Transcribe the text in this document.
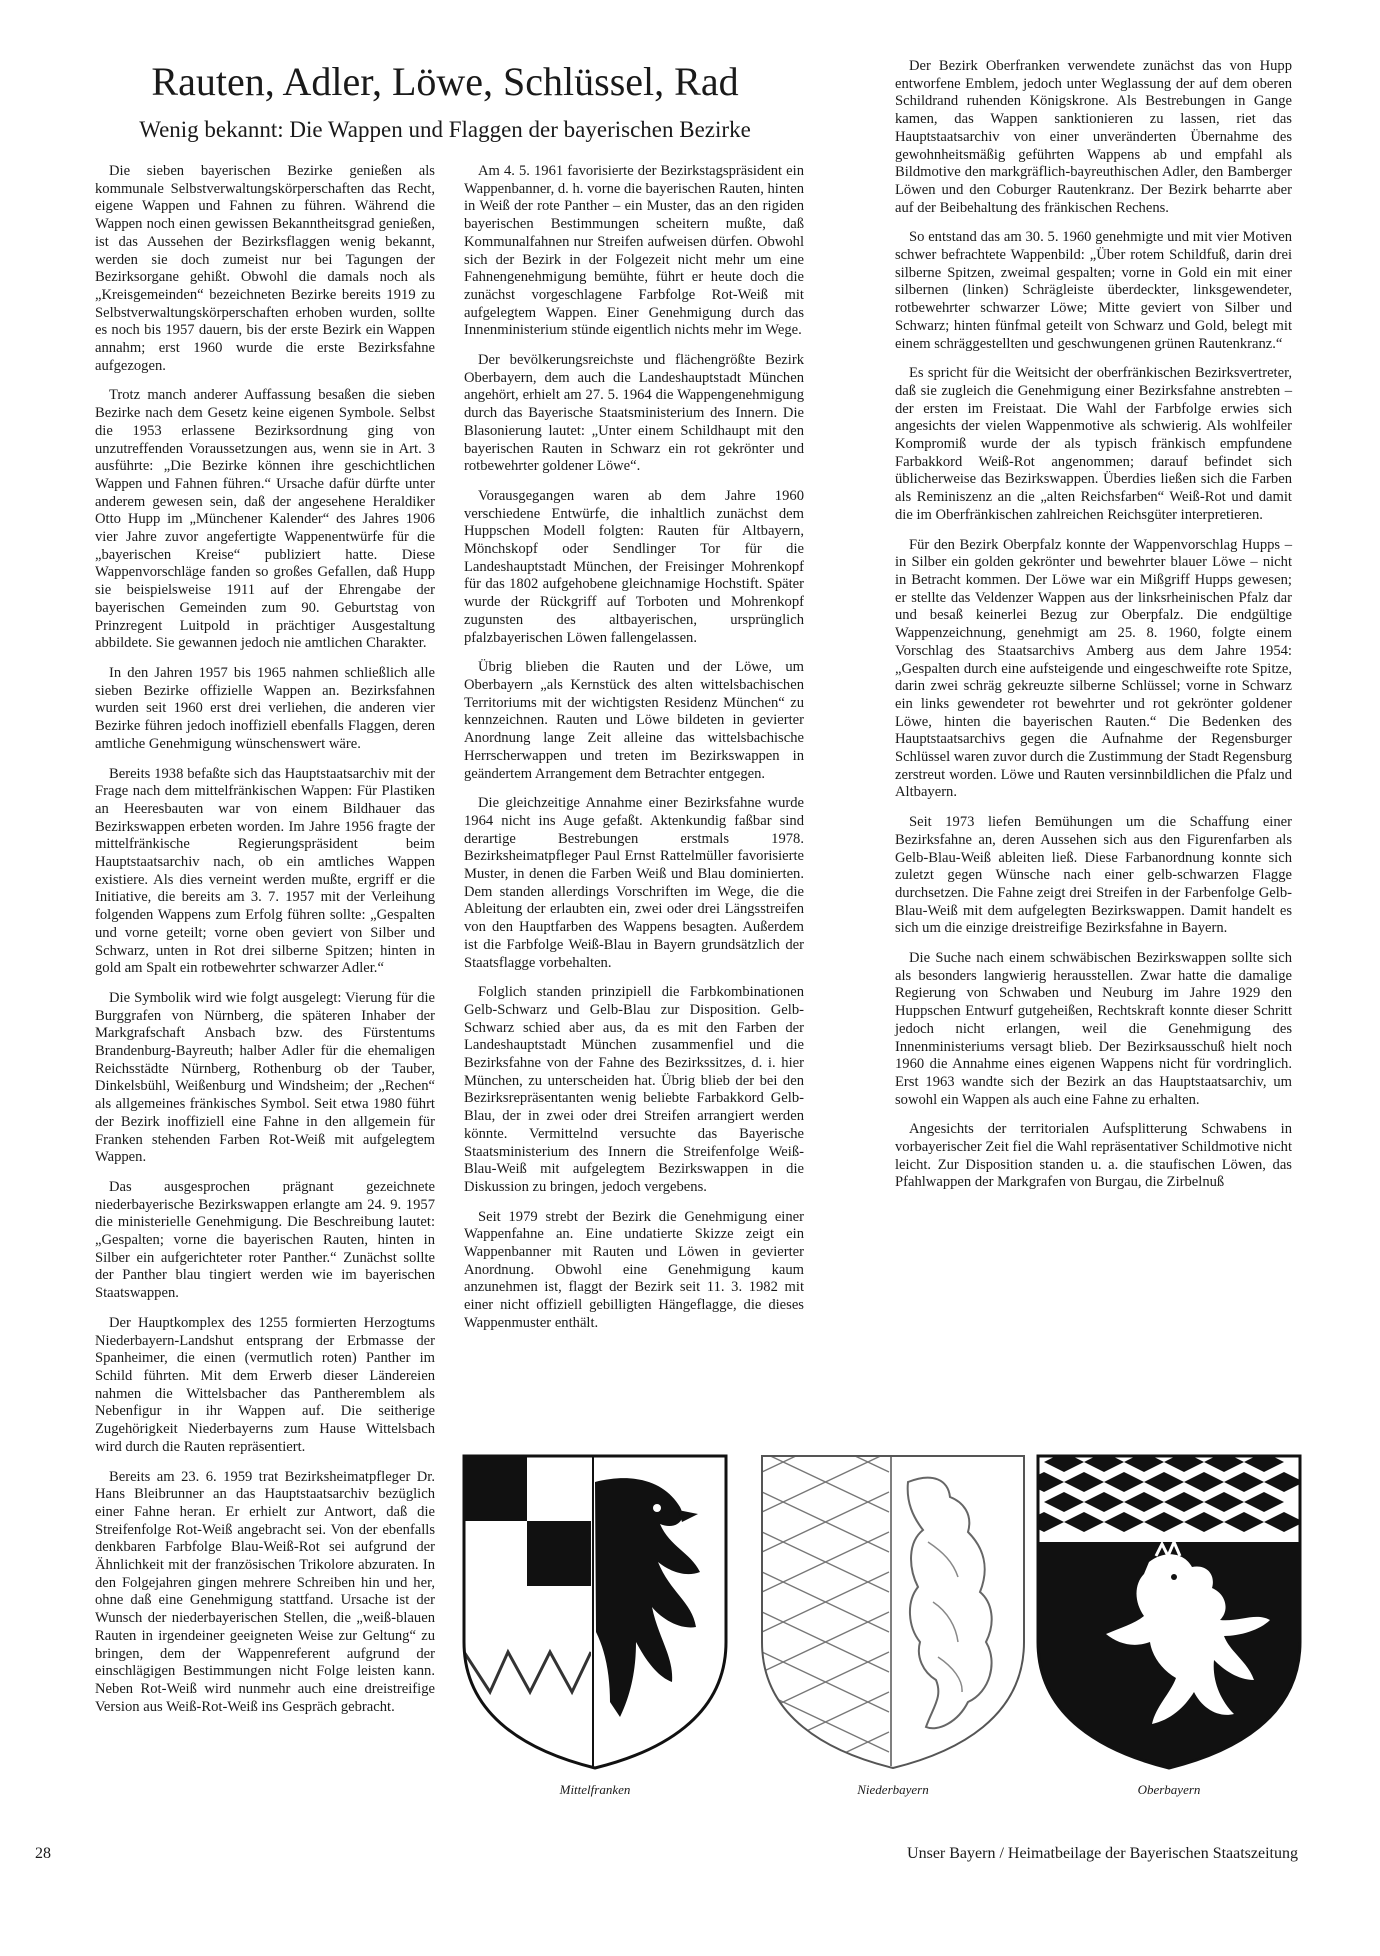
Rauten, Adler, Löwe, Schlüssel, Rad
Wenig bekannt: Die Wappen und Flaggen der bayerischen Bezirke

Die sieben bayerischen Bezirke genießen als kommunale Selbstverwaltungskörperschaften das Recht, eigene Wappen und Fahnen zu führen. Während die Wappen noch einen gewissen Bekanntheitsgrad genießen, ist das Aussehen der Bezirksflaggen wenig bekannt, werden sie doch zumeist nur bei Tagungen der Bezirksorgane gehißt. Obwohl die damals noch als „Kreisgemeinden“ bezeichneten Bezirke bereits 1919 zu Selbstverwaltungskörperschaften erhoben wurden, sollte es noch bis 1957 dauern, bis der erste Bezirk ein Wappen annahm; erst 1960 wurde die erste Bezirksfahne aufgezogen.

Trotz manch anderer Auffassung besaßen die sieben Bezirke nach dem Gesetz keine eigenen Symbole. Selbst die 1953 erlassene Bezirksordnung ging von unzutreffenden Voraussetzungen aus, wenn sie in Art. 3 ausführte: „Die Bezirke können ihre geschichtlichen Wappen und Fahnen führen.“ Ursache dafür dürfte unter anderem gewesen sein, daß der angesehene Heraldiker Otto Hupp im „Münchener Kalender“ des Jahres 1906 vier Jahre zuvor angefertigte Wappenentwürfe für die „bayerischen Kreise“ publiziert hatte. Diese Wappenvorschläge fanden so großes Gefallen, daß Hupp sie beispielsweise 1911 auf der Ehrengabe der bayerischen Gemeinden zum 90. Geburtstag von Prinzregent Luitpold in prächtiger Ausgestaltung abbildete. Sie gewannen jedoch nie amtlichen Charakter.

In den Jahren 1957 bis 1965 nahmen schließlich alle sieben Bezirke offizielle Wappen an. Bezirksfahnen wurden seit 1960 erst drei verliehen, die anderen vier Bezirke führen jedoch inoffiziell ebenfalls Flaggen, deren amtliche Genehmigung wünschenswert wäre.

Bereits 1938 befaßte sich das Hauptstaatsarchiv mit der Frage nach dem mittelfränkischen Wappen: Für Plastiken an Heeresbauten war von einem Bildhauer das Bezirkswappen erbeten worden. Im Jahre 1956 fragte der mittelfränkische Regierungspräsident beim Hauptstaatsarchiv nach, ob ein amtliches Wappen existiere. Als dies verneint werden mußte, ergriff er die Initiative, die bereits am 3. 7. 1957 mit der Verleihung folgenden Wappens zum Erfolg führen sollte: „Gespalten und vorne geteilt; vorne oben geviert von Silber und Schwarz, unten in Rot drei silberne Spitzen; hinten in gold am Spalt ein rotbewehrter schwarzer Adler.“

Die Symbolik wird wie folgt ausgelegt: Vierung für die Burggrafen von Nürnberg, die späteren Inhaber der Markgrafschaft Ansbach bzw. des Fürstentums Brandenburg-Bayreuth; halber Adler für die ehemaligen Reichsstädte Nürnberg, Rothenburg ob der Tauber, Dinkelsbühl, Weißenburg und Windsheim; der „Rechen“ als allgemeines fränkisches Symbol. Seit etwa 1980 führt der Bezirk inoffiziell eine Fahne in den allgemein für Franken stehenden Farben Rot-Weiß mit aufgelegtem Wappen.

Das ausgesprochen prägnant gezeichnete niederbayerische Bezirkswappen erlangte am 24. 9. 1957 die ministerielle Genehmigung. Die Beschreibung lautet: „Gespalten; vorne die bayerischen Rauten, hinten in Silber ein aufgerichteter roter Panther.“ Zunächst sollte der Panther blau tingiert werden wie im bayerischen Staatswappen.

Der Hauptkomplex des 1255 formierten Herzogtums Niederbayern-Landshut entsprang der Erbmasse der Spanheimer, die einen (vermutlich roten) Panther im Schild führten. Mit dem Erwerb dieser Ländereien nahmen die Wittelsbacher das Pantheremblem als Nebenfigur in ihr Wappen auf. Die seitherige Zugehörigkeit Niederbayerns zum Hause Wittelsbach wird durch die Rauten repräsentiert.

Bereits am 23. 6. 1959 trat Bezirksheimatpfleger Dr. Hans Bleibrunner an das Hauptstaatsarchiv bezüglich einer Fahne heran. Er erhielt zur Antwort, daß die Streifenfolge Rot-Weiß angebracht sei. Von der ebenfalls denkbaren Farbfolge Blau-Weiß-Rot sei aufgrund der Ähnlichkeit mit der französischen Trikolore abzuraten. In den Folgejahren gingen mehrere Schreiben hin und her, ohne daß eine Genehmigung stattfand. Ursache ist der Wunsch der niederbayerischen Stellen, die „weiß-blauen Rauten in irgendeiner geeigneten Weise zur Geltung“ zu bringen, dem der Wappenreferent aufgrund der einschlägigen Bestimmungen nicht Folge leisten kann. Neben Rot-Weiß wird nunmehr auch eine dreistreifige Version aus Weiß-Rot-Weiß ins Gespräch gebracht.

Am 4. 5. 1961 favorisierte der Bezirkstagspräsident ein Wappenbanner, d. h. vorne die bayerischen Rauten, hinten in Weiß der rote Panther – ein Muster, das an den rigiden bayerischen Bestimmungen scheitern mußte, daß Kommunalfahnen nur Streifen aufweisen dürfen. Obwohl sich der Bezirk in der Folgezeit nicht mehr um eine Fahnengenehmigung bemühte, führt er heute doch die zunächst vorgeschlagene Farbfolge Rot-Weiß mit aufgelegtem Wappen. Einer Genehmigung durch das Innenministerium stünde eigentlich nichts mehr im Wege.

Der bevölkerungsreichste und flächengrößte Bezirk Oberbayern, dem auch die Landeshauptstadt München angehört, erhielt am 27. 5. 1964 die Wappengenehmigung durch das Bayerische Staatsministerium des Innern. Die Blasonierung lautet: „Unter einem Schildhaupt mit den bayerischen Rauten in Schwarz ein rot gekrönter und rotbewehrter goldener Löwe“.

Vorausgegangen waren ab dem Jahre 1960 verschiedene Entwürfe, die inhaltlich zunächst dem Huppschen Modell folgten: Rauten für Altbayern, Mönchskopf oder Sendlinger Tor für die Landeshauptstadt München, der Freisinger Mohrenkopf für das 1802 aufgehobene gleichnamige Hochstift. Später wurde der Rückgriff auf Torboten und Mohrenkopf zugunsten des altbayerischen, ursprünglich pfalzbayerischen Löwen fallengelassen.

Übrig blieben die Rauten und der Löwe, um Oberbayern „als Kernstück des alten wittelsbachischen Territoriums mit der wichtigsten Residenz München“ zu kennzeichnen. Rauten und Löwe bildeten in gevierter Anordnung lange Zeit alleine das wittelsbachische Herrscherwappen und treten im Bezirkswappen in geändertem Arrangement dem Betrachter entgegen.

Die gleichzeitige Annahme einer Bezirksfahne wurde 1964 nicht ins Auge gefaßt. Aktenkundig faßbar sind derartige Bestrebungen erstmals 1978. Bezirksheimatpfleger Paul Ernst Rattelmüller favorisierte Muster, in denen die Farben Weiß und Blau dominierten. Dem standen allerdings Vorschriften im Wege, die die Ableitung der erlaubten ein, zwei oder drei Längsstreifen von den Hauptfarben des Wappens besagten. Außerdem ist die Farbfolge Weiß-Blau in Bayern grundsätzlich der Staatsflagge vorbehalten.

Folglich standen prinzipiell die Farbkombinationen Gelb-Schwarz und Gelb-Blau zur Disposition. Gelb-Schwarz schied aber aus, da es mit den Farben der Landeshauptstadt München zusammenfiel und die Bezirksfahne von der Fahne des Bezirkssitzes, d. i. hier München, zu unterscheiden hat. Übrig blieb der bei den Bezirksrepräsentanten wenig beliebte Farbakkord Gelb-Blau, der in zwei oder drei Streifen arrangiert werden könnte. Vermittelnd versuchte das Bayerische Staatsministerium des Innern die Streifenfolge Weiß-Blau-Weiß mit aufgelegtem Bezirkswappen in die Diskussion zu bringen, jedoch vergebens.

Seit 1979 strebt der Bezirk die Genehmigung einer Wappenfahne an. Eine undatierte Skizze zeigt ein Wappenbanner mit Rauten und Löwen in gevierter Anordnung. Obwohl eine Genehmigung kaum anzunehmen ist, flaggt der Bezirk seit 11. 3. 1982 mit einer nicht offiziell gebilligten Hängeflagge, die dieses Wappenmuster enthält.

Der Bezirk Oberfranken verwendete zunächst das von Hupp entworfene Emblem, jedoch unter Weglassung der auf dem oberen Schildrand ruhenden Königskrone. Als Bestrebungen in Gange kamen, das Wappen sanktionieren zu lassen, riet das Hauptstaatsarchiv von einer unveränderten Übernahme des gewohnheitsmäßig geführten Wappens ab und empfahl als Bildmotive den markgräflich-bayreuthischen Adler, den Bamberger Löwen und den Coburger Rautenkranz. Der Bezirk beharrte aber auf der Beibehaltung des fränkischen Rechens.

So entstand das am 30. 5. 1960 genehmigte und mit vier Motiven schwer befrachtete Wappenbild: „Über rotem Schildfuß, darin drei silberne Spitzen, zweimal gespalten; vorne in Gold ein mit einer silbernen (linken) Schrägleiste überdeckter, linksgewendeter, rotbewehrter schwarzer Löwe; Mitte geviert von Silber und Schwarz; hinten fünfmal geteilt von Schwarz und Gold, belegt mit einem schräggestellten und geschwungenen grünen Rautenkranz.“

Es spricht für die Weitsicht der oberfränkischen Bezirksvertreter, daß sie zugleich die Genehmigung einer Bezirksfahne anstrebten – der ersten im Freistaat. Die Wahl der Farbfolge erwies sich angesichts der vielen Wappenmotive als schwierig. Als wohlfeiler Kompromiß wurde der als typisch fränkisch empfundene Farbakkord Weiß-Rot angenommen; darauf befindet sich üblicherweise das Bezirkswappen. Überdies ließen sich die Farben als Reminiszenz an die „alten Reichsfarben“ Weiß-Rot und damit die im Oberfränkischen zahlreichen Reichsgüter interpretieren.

Für den Bezirk Oberpfalz konnte der Wappenvorschlag Hupps – in Silber ein golden gekrönter und bewehrter blauer Löwe – nicht in Betracht kommen. Der Löwe war ein Mißgriff Hupps gewesen; er stellte das Veldenzer Wappen aus der linksrheinischen Pfalz dar und besaß keinerlei Bezug zur Oberpfalz. Die endgültige Wappenzeichnung, genehmigt am 25. 8. 1960, folgte einem Vorschlag des Staatsarchivs Amberg aus dem Jahre 1954: „Gespalten durch eine aufsteigende und eingeschweifte rote Spitze, darin zwei schräg gekreuzte silberne Schlüssel; vorne in Schwarz ein links gewendeter rot bewehrter und rot gekrönter goldener Löwe, hinten die bayerischen Rauten.“ Die Bedenken des Hauptstaatsarchivs gegen die Aufnahme der Regensburger Schlüssel waren zuvor durch die Zustimmung der Stadt Regensburg zerstreut worden. Löwe und Rauten versinnbildlichen die Pfalz und Altbayern.

Seit 1973 liefen Bemühungen um die Schaffung einer Bezirksfahne an, deren Aussehen sich aus den Figurenfarben als Gelb-Blau-Weiß ableiten ließ. Diese Farbanordnung konnte sich zuletzt gegen Wünsche nach einer gelb-schwarzen Flagge durchsetzen. Die Fahne zeigt drei Streifen in der Farbenfolge Gelb-Blau-Weiß mit dem aufgelegten Bezirkswappen. Damit handelt es sich um die einzige dreistreifige Bezirksfahne in Bayern.

Die Suche nach einem schwäbischen Bezirkswappen sollte sich als besonders langwierig herausstellen. Zwar hatte die damalige Regierung von Schwaben und Neuburg im Jahre 1929 den Huppschen Entwurf gutgeheißen, Rechtskraft konnte dieser Schritt jedoch nicht erlangen, weil die Genehmigung des Innenministeriums versagt blieb. Der Bezirksausschuß hielt noch 1960 die Annahme eines eigenen Wappens nicht für vordringlich. Erst 1963 wandte sich der Bezirk an das Hauptstaatsarchiv, um sowohl ein Wappen als auch eine Fahne zu erhalten.

Angesichts der territorialen Aufsplitterung Schwabens in vorbayerischer Zeit fiel die Wahl repräsentativer Schildmotive nicht leicht. Zur Disposition standen u. a. die staufischen Löwen, das Pfahlwappen der Markgrafen von Burgau, die Zirbelnuß

Mittelfranken	Niederbayern	Oberbayern
28	Unser Bayern / Heimatbeilage der Bayerischen Staatszeitung
